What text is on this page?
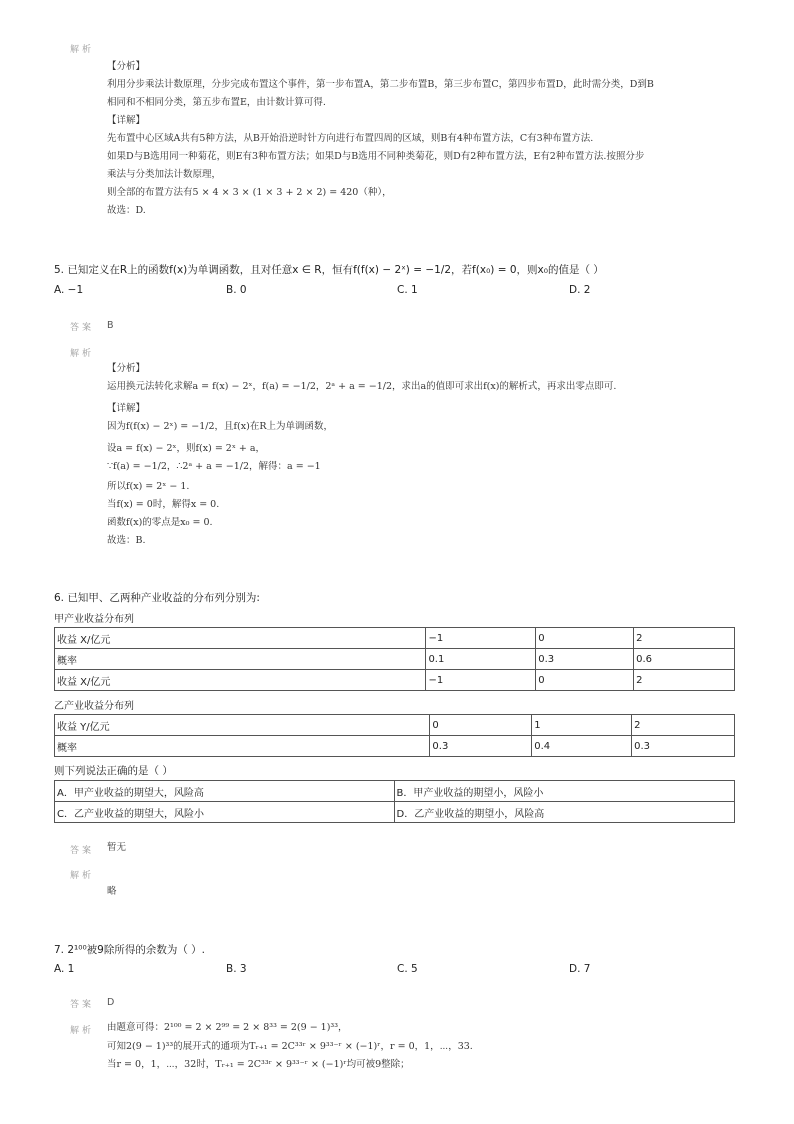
解析
【分析】
利用分步乘法计数原理，分步完成布置这个事件，第一步布置A，第二步布置B，第三步布置C，第四步布置D，此时需分类，D到B
相同和不相同分类，第五步布置E，由计数计算可得.
【详解】
先布置中心区域A共有5种方法，从B开始沿逆时针方向进行布置四周的区域，则B有4种布置方法，C有3种布置方法.
如果D与B选用同一种菊花，则E有3种布置方法；如果D与B选用不同种类菊花，则D有2种布置方法，E有2种布置方法.按照分步
乘法与分类加法计数原理，
则全部的布置方法有5 × 4 × 3 × (1 × 3 + 2 × 2) = 420（种），
故选：D.
5. 已知定义在R上的函数f(x)为单调函数，且对任意x ∈ R，恒有f(f(x) − 2ˣ) = −1/2，若f(x₀) = 0，则x₀的值是（ ）
A. −1	B. 0	C. 1	D. 2
答案 B
解析
【分析】
运用换元法转化求解a = f(x) − 2ˣ，f(a) = −1/2，2ᵃ + a = −1/2，求出a的值即可求出f(x)的解析式，再求出零点即可.
【详解】
因为f(f(x) − 2ˣ) = −1/2，且f(x)在R上为单调函数，
设a = f(x) − 2ˣ，则f(x) = 2ˣ + a，
∵f(a) = −1/2，∴2ᵃ + a = −1/2，解得：a = −1
所以f(x) = 2ˣ − 1.
当f(x) = 0时，解得x = 0.
函数f(x)的零点是x₀ = 0.
故选：B.
6. 已知甲、乙两种产业收益的分布列分别为:
甲产业收益分布列
收益 X/亿元	−1	0	2
概率	0.1	0.3	0.6
收益 X/亿元	−1	0	2
乙产业收益分布列
收益 Y/亿元	0	1	2
概率	0.3	0.4	0.3
则下列说法正确的是（ ）
A．甲产业收益的期望大，风险高	B．甲产业收益的期望小，风险小
C．乙产业收益的期望大，风险小	D．乙产业收益的期望小，风险高
答案 暂无
解析
略
7. 2¹⁰⁰被9除所得的余数为（ ）.
A. 1	B. 3	C. 5	D. 7
答案 D
解析 由题意可得：2¹⁰⁰ = 2 × 2⁹⁹ = 2 × 8³³ = 2(9 − 1)³³，
可知2(9 − 1)³³的展开式的通项为Tᵣ₊₁ = 2C³³ʳ × 9³³⁻ʳ × (−1)ʳ，r = 0，1，⋯，33.
当r = 0，1，⋯，32时，Tᵣ₊₁ = 2C³³ʳ × 9³³⁻ʳ × (−1)ʳ均可被9整除；
